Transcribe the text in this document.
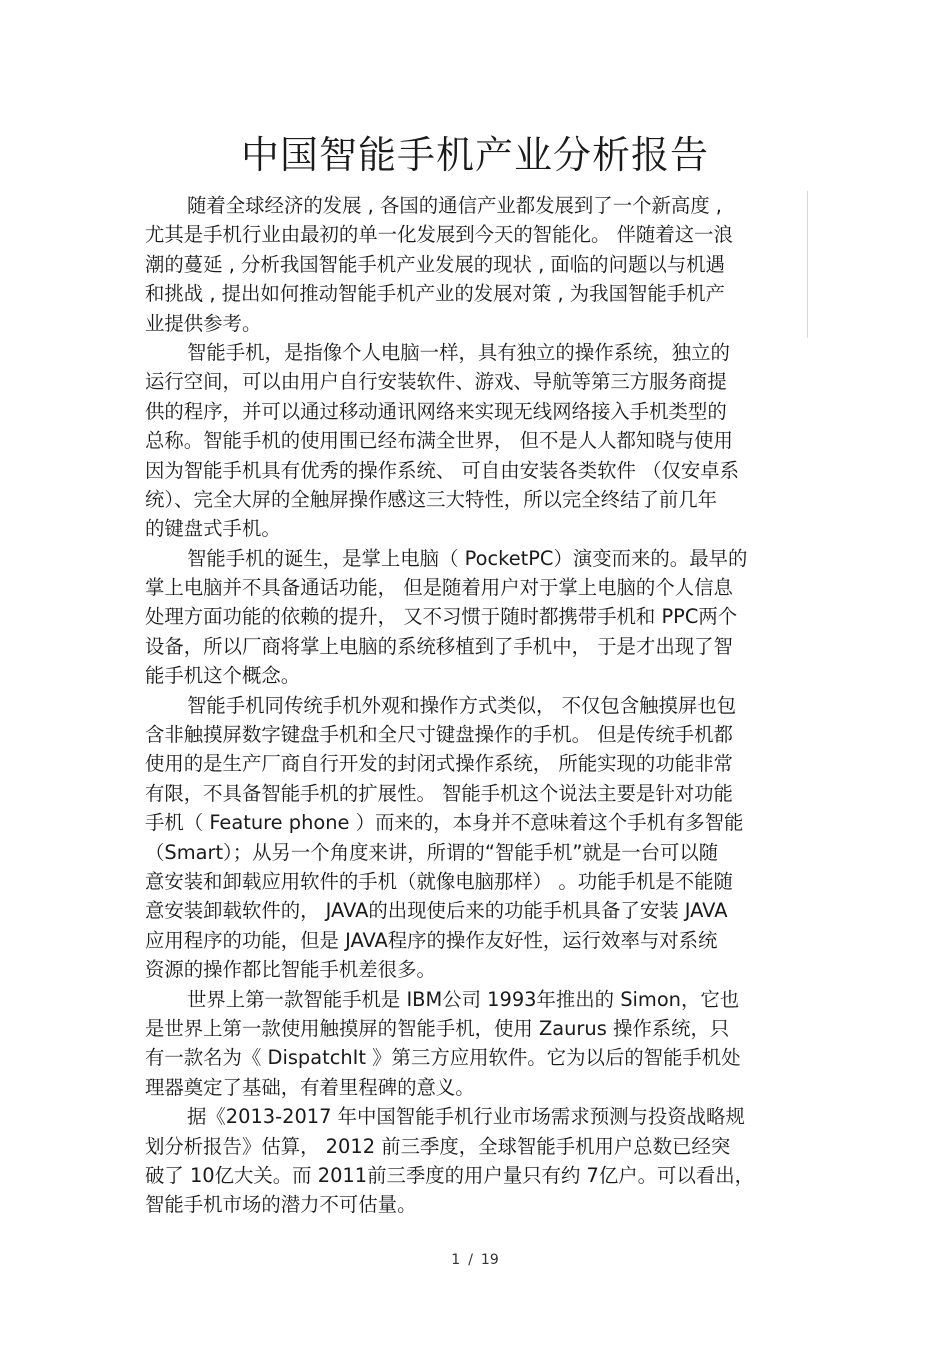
中国智能手机产业分析报告

随着全球经济的发展 , 各国的通信产业都发展到了一个新高度 ,
尤其是手机行业由最初的单一化发展到今天的智能化。 伴随着这一浪
潮的蔓延 , 分析我国智能手机产业发展的现状 , 面临的问题以与机遇
和挑战 , 提出如何推动智能手机产业的发展对策 , 为我国智能手机产
业提供参考。

智能手机，是指像个人电脑一样，具有独立的操作系统，独立的
运行空间，可以由用户自行安装软件、游戏、导航等第三方服务商提
供的程序，并可以通过移动通讯网络来实现无线网络接入手机类型的
总称。智能手机的使用围已经布满全世界， 但不是人人都知晓与使用
因为智能手机具有优秀的操作系统、 可自由安装各类软件 （仅安卓系
统）、完全大屏的全触屏操作感这三大特性，所以完全终结了前几年
的键盘式手机。

智能手机的诞生，是掌上电脑（ PocketPC）演变而来的。最早的
掌上电脑并不具备通话功能， 但是随着用户对于掌上电脑的个人信息
处理方面功能的依赖的提升， 又不习惯于随时都携带手机和 PPC两个
设备，所以厂商将掌上电脑的系统移植到了手机中， 于是才出现了智
能手机这个概念。

智能手机同传统手机外观和操作方式类似， 不仅包含触摸屏也包
含非触摸屏数字键盘手机和全尺寸键盘操作的手机。 但是传统手机都
使用的是生产厂商自行开发的封闭式操作系统， 所能实现的功能非常
有限，不具备智能手机的扩展性。 智能手机这个说法主要是针对功能
手机（ Feature phone ）而来的，本身并不意味着这个手机有多智能
（Smart）；从另一个角度来讲，所谓的“智能手机”就是一台可以随
意安装和卸载应用软件的手机（就像电脑那样） 。功能手机是不能随
意安装卸载软件的， JAVA的出现使后来的功能手机具备了安装 JAVA
应用程序的功能，但是 JAVA程序的操作友好性，运行效率与对系统
资源的操作都比智能手机差很多。

世界上第一款智能手机是 IBM公司 1993年推出的 Simon，它也
是世界上第一款使用触摸屏的智能手机，使用 Zaurus 操作系统，只
有一款名为《 DispatchIt 》第三方应用软件。它为以后的智能手机处
理器奠定了基础，有着里程碑的意义。

据《2013-2017 年中国智能手机行业市场需求预测与投资战略规
划分析报告》估算， 2012 前三季度，全球智能手机用户总数已经突
破了 10亿大关。而 2011前三季度的用户量只有约 7亿户。可以看出，
智能手机市场的潜力不可估量。

1 / 19
